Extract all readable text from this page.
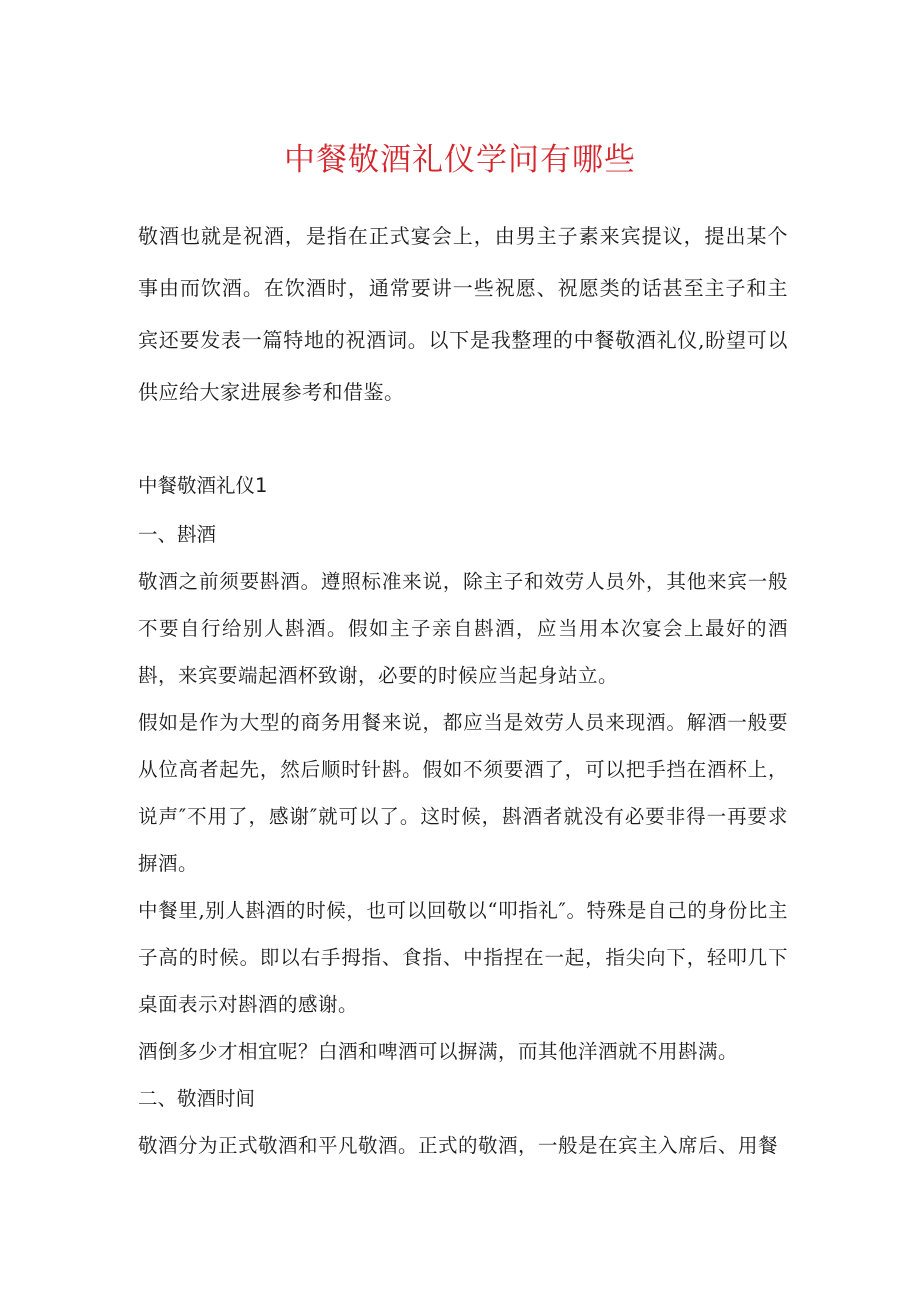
中餐敬酒礼仪学问有哪些

敬酒也就是祝酒，是指在正式宴会上，由男主子素来宾提议，提出某个事由而饮酒。在饮酒时，通常要讲一些祝愿、祝愿类的话甚至主子和主宾还要发表一篇特地的祝酒词。以下是我整理的中餐敬酒礼仪,盼望可以供应给大家进展参考和借鉴。

中餐敬酒礼仪1

一、斟酒

敬酒之前须要斟酒。遵照标准来说，除主子和效劳人员外，其他来宾一般不要自行给别人斟酒。假如主子亲自斟酒，应当用本次宴会上最好的酒斟，来宾要端起酒杯致谢，必要的时候应当起身站立。

假如是作为大型的商务用餐来说，都应当是效劳人员来现酒。解酒一般要从位高者起先，然后顺时针斟。假如不须要酒了，可以把手挡在酒杯上，说声″不用了，感谢″就可以了。这时候，斟酒者就没有必要非得一再要求摒酒。

中餐里,别人斟酒的时候，也可以回敬以“叩指礼″。特殊是自己的身份比主子高的时候。即以右手拇指、食指、中指捏在一起，指尖向下，轻叩几下桌面表示对斟酒的感谢。

酒倒多少才相宜呢？白酒和啤酒可以摒满，而其他洋酒就不用斟满。

二、敬酒时间

敬酒分为正式敬酒和平凡敬酒。正式的敬酒，一般是在宾主入席后、用餐
